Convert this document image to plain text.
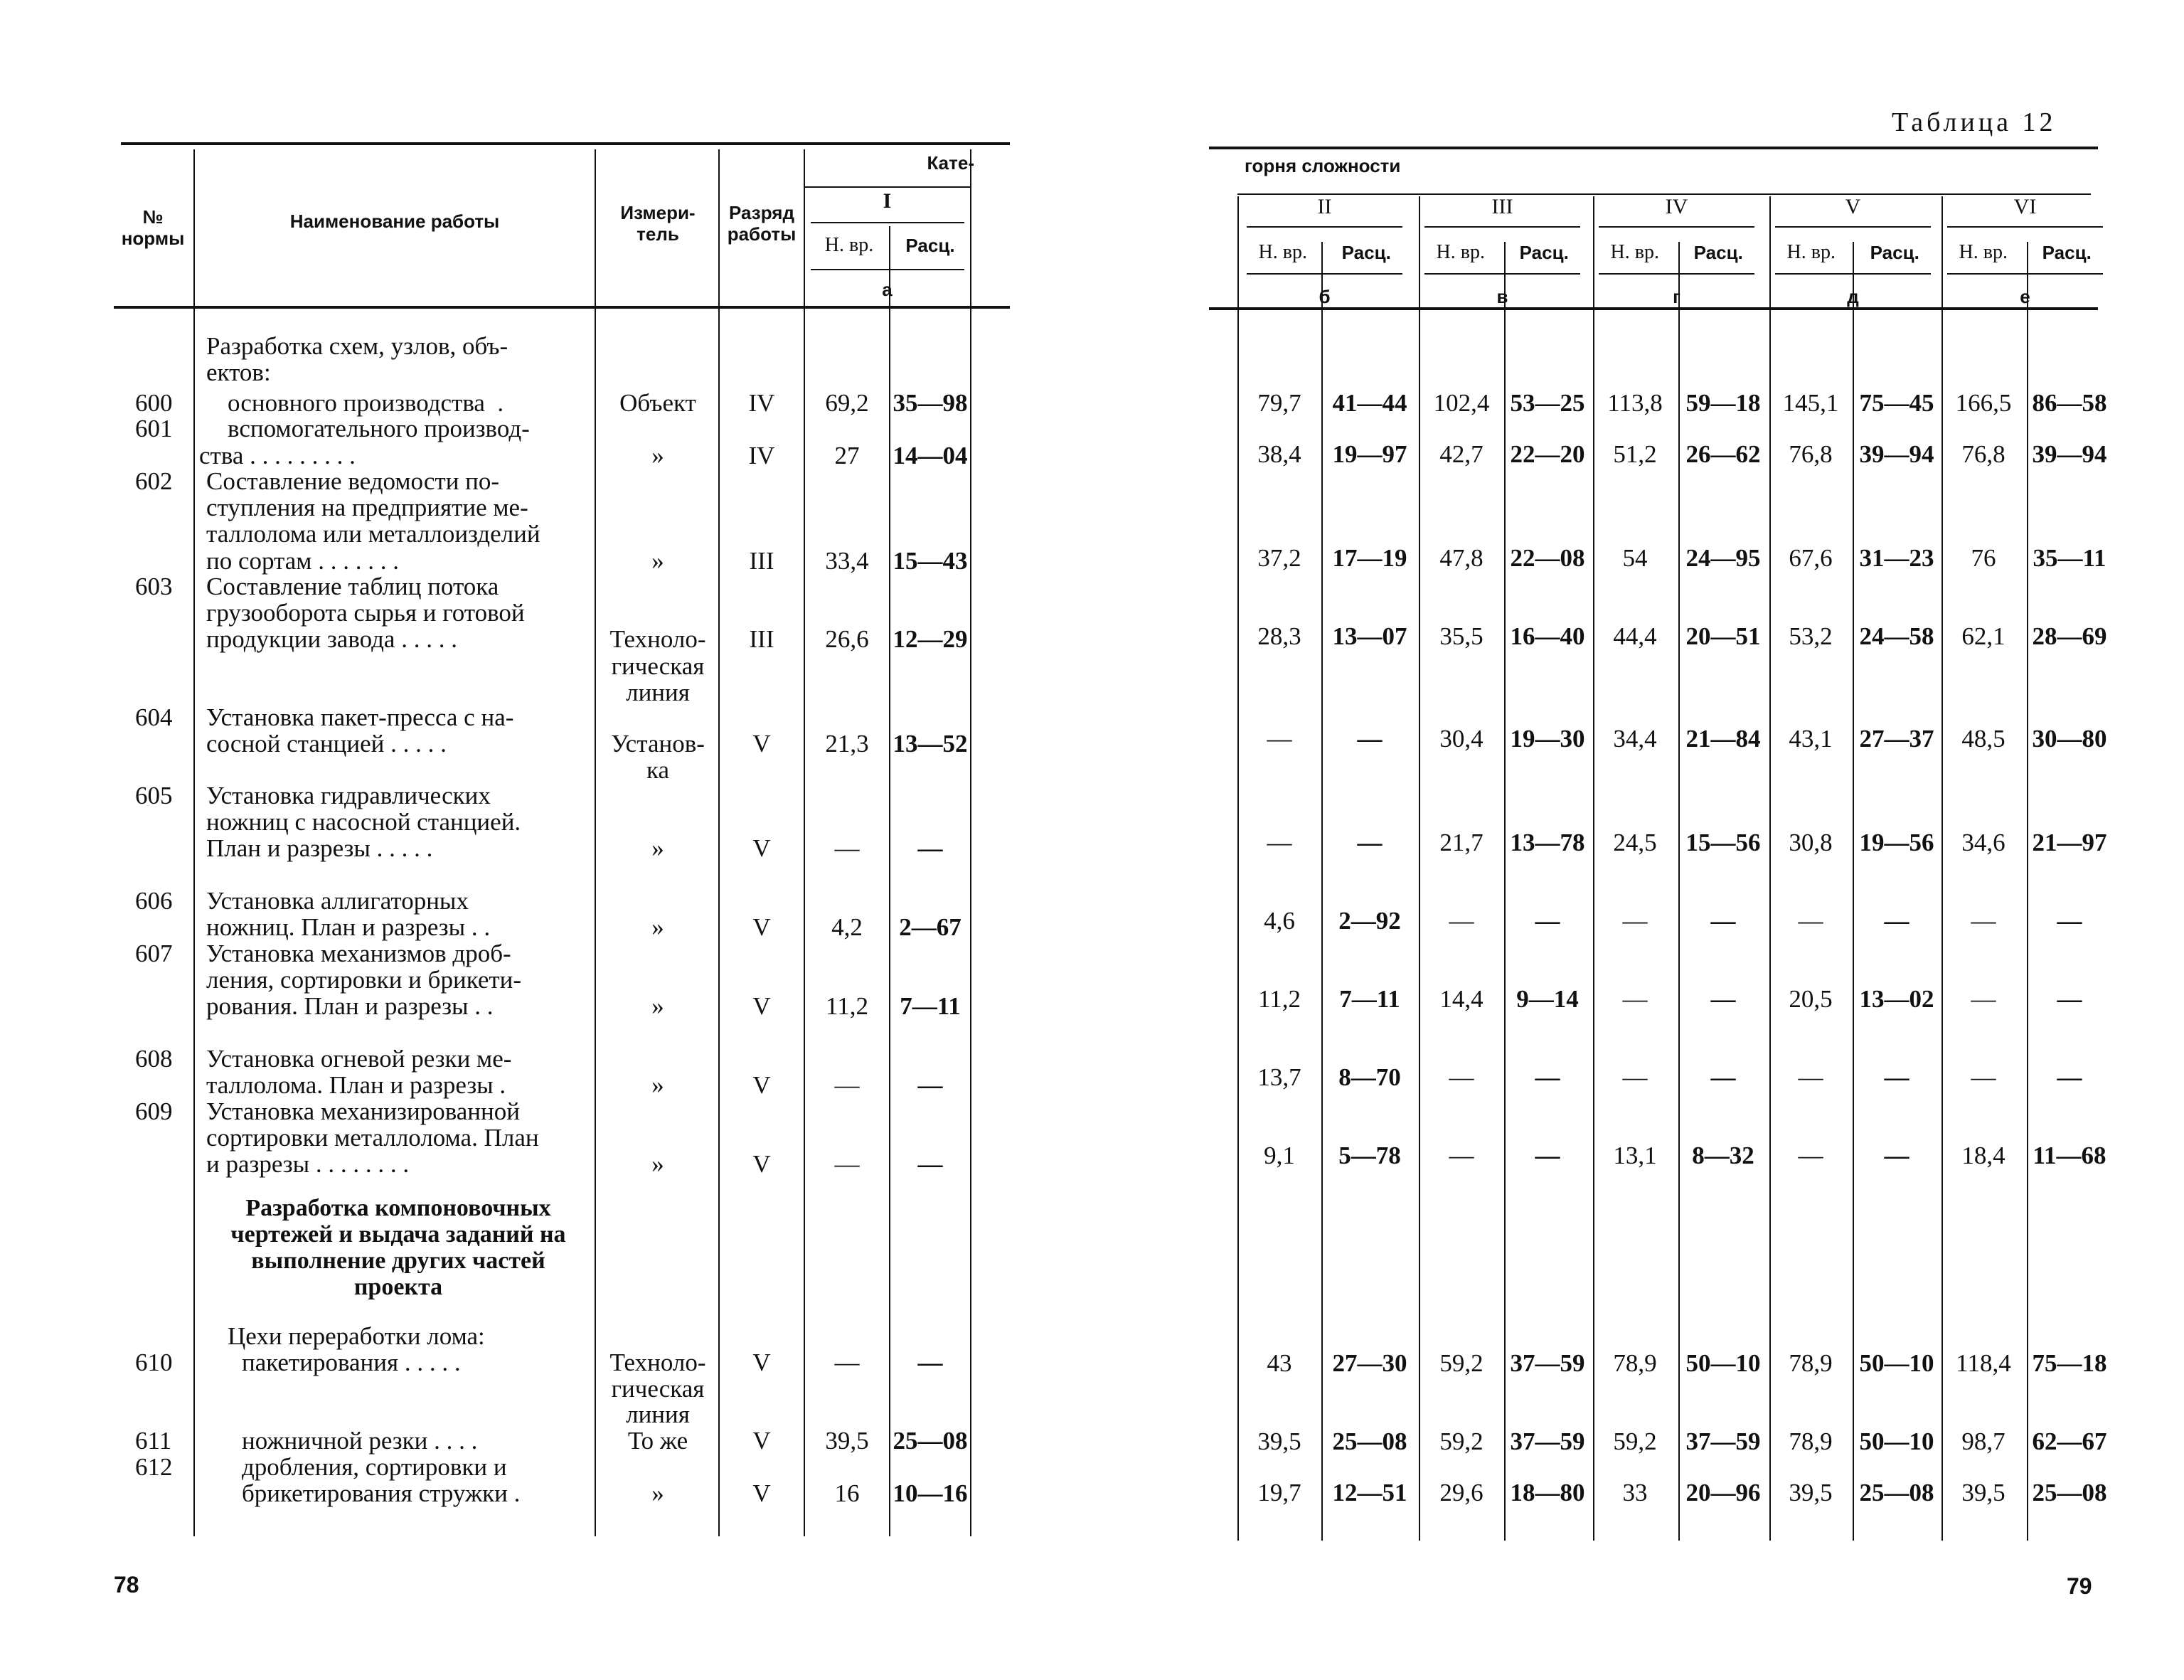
№ нормы
Наименование работы	Измери-
тель
Разряд
работы
Кате-
I
Н. вр.	Расц.
а
Разработка схем, узлов, объ-
ектов:
600 основного производства  .	Объект	IV	69,2 35—98
601 вспомогательного производ-
ства . . . . . . . . .	»	IV	27	14—04
602 Составление ведомости по-
ступления на предприятие ме-
таллолома или металлоизделий
по сортам . . . . . . .	»	III	33,4 15—43
603 Составление таблиц потока
грузооборота сырья и готовой
продукции завода . . . . .	Техноло-	III	26,6 12—29
гическая
линия
604 Установка пакет-пресса с на-
сосной станцией . . . . .	Установ-	V	21,3 13—52
ка
605 Установка гидравлических
ножниц с насосной станцией.
План и разрезы . . . . .	»	V	—	—
606 Установка аллигаторных
ножниц. План и разрезы . .	»	V	4,2	2—67
607 Установка механизмов дроб-
ления, сортировки и брикети-
рования. План и разрезы . .	»	V	11,2	7—11
608 Установка огневой резки ме-
таллолома. План и разрезы .	»	V	—	—
609 Установка механизированной
сортировки металлолома. План
и разрезы . . . . . . . .	»	V	—	—
Разработка компоновочных
чертежей и выдача заданий на
выполнение других частей
проекта
Цехи переработки лома:
610	пакетирования . . . . .	Техноло-	V	—	—
гическая
линия
611	ножничной резки . . . .	То же	V	39,5 25—08
612	дробления, сортировки и
брикетирования стружки .	»	V	16	10—16
78
Таблица 12
горня сложности
II
Н. вр.	Расц.
б
III
Н. вр.	Расц.
в
IV
Н. вр.	Расц.
г
V
Н. вр.	Расц.
д
VI
Н. вр.	Расц.
е
79,7	41—44	102,4 53—25 113,8 59—18 145,1 75—45 166,5 86—58
38,4	19—97	42,7	22—20	51,2	26—62	76,8	39—94	76,8	39—94
37,2	17—19	47,8	22—08	54	24—95	67,6	31—23	76	35—11
28,3	13—07	35,5	16—40	44,4	20—51	53,2	24—58	62,1	28—69
—	—	30,4	19—30	34,4	21—84	43,1	27—37	48,5	30—80
—	—	21,7	13—78	24,5	15—56	30,8	19—56	34,6	21—97
4,6	2—92	—	—	—	—	—	—	—	—
11,2	7—11	14,4	9—14	—	—	20,5	13—02	—	—
13,7	8—70	—	—	—	—	—	—	—	—
9,1	5—78	—	—	13,1	8—32	—	—	18,4	11—68
43	27—30	59,2	37—59	78,9	50—10	78,9	50—10 118,4 75—18
39,5	25—08	59,2	37—59	59,2	37—59	78,9	50—10	98,7	62—67
19,7	12—51	29,6	18—80	33	20—96	39,5	25—08	39,5	25—08
79
